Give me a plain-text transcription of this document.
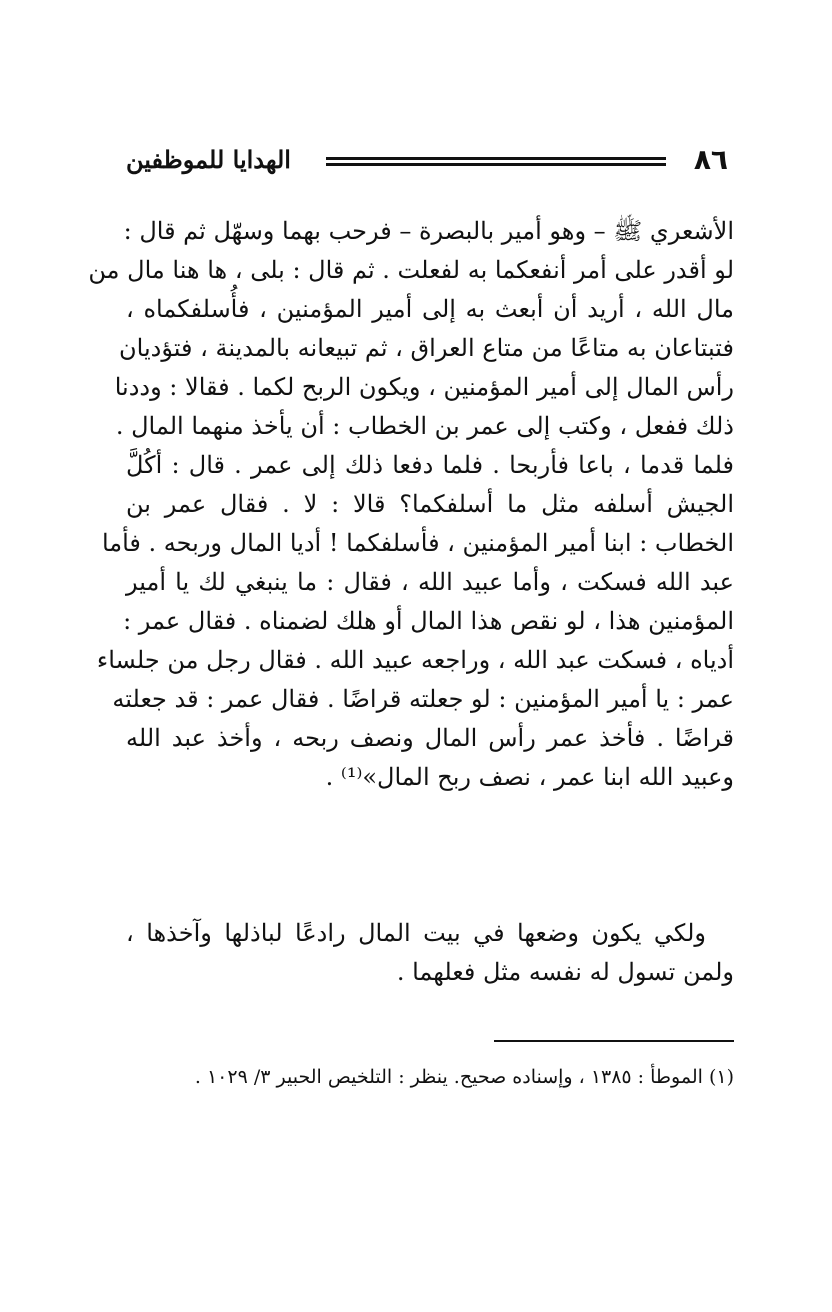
٨٦
الهدايا للموظفين
الأشعري ﷺ – وهو أمير بالبصرة – فرحب بهما وسهّل ثم قال :
لو أقدر على أمر أنفعكما به لفعلت . ثم قال : بلى ، ها هنا مال من
مال الله ، أريد أن أبعث به إلى أمير المؤمنين ، فأُسلفكماه ،
فتبتاعان به متاعًا من متاع العراق ، ثم تبيعانه بالمدينة ، فتؤديان
رأس المال إلى أمير المؤمنين ، ويكون الربح لكما . فقالا : وددنا
ذلك ففعل ، وكتب إلى عمر بن الخطاب : أن يأخذ منهما المال .
فلما قدما ، باعا فأربحا . فلما دفعا ذلك إلى عمر . قال : أكُلَّ
الجيش أسلفه مثل ما أسلفكما؟ قالا : لا . فقال عمر بن
الخطاب : ابنا أمير المؤمنين ، فأسلفكما ! أديا المال وربحه . فأما
عبد الله فسكت ، وأما عبيد الله ، فقال : ما ينبغي لك يا أمير
المؤمنين هذا ، لو نقص هذا المال أو هلك لضمناه . فقال عمر :
أدياه ، فسكت عبد الله ، وراجعه عبيد الله . فقال رجل من جلساء
عمر : يا أمير المؤمنين : لو جعلته قراضًا . فقال عمر : قد جعلته
قراضًا . فأخذ عمر رأس المال ونصف ربحه ، وأخذ عبد الله
وعبيد الله ابنا عمر ، نصف ربح المال»⁽¹⁾ .
ولكي يكون وضعها في بيت المال رادعًا لباذلها وآخذها ،
ولمن تسول له نفسه مثل فعلهما .
(١) الموطأ : ١٣٨٥ ، وإسناده صحيح. ينظر : التلخيص الحبير ٣/ ١٠٢٩ .
